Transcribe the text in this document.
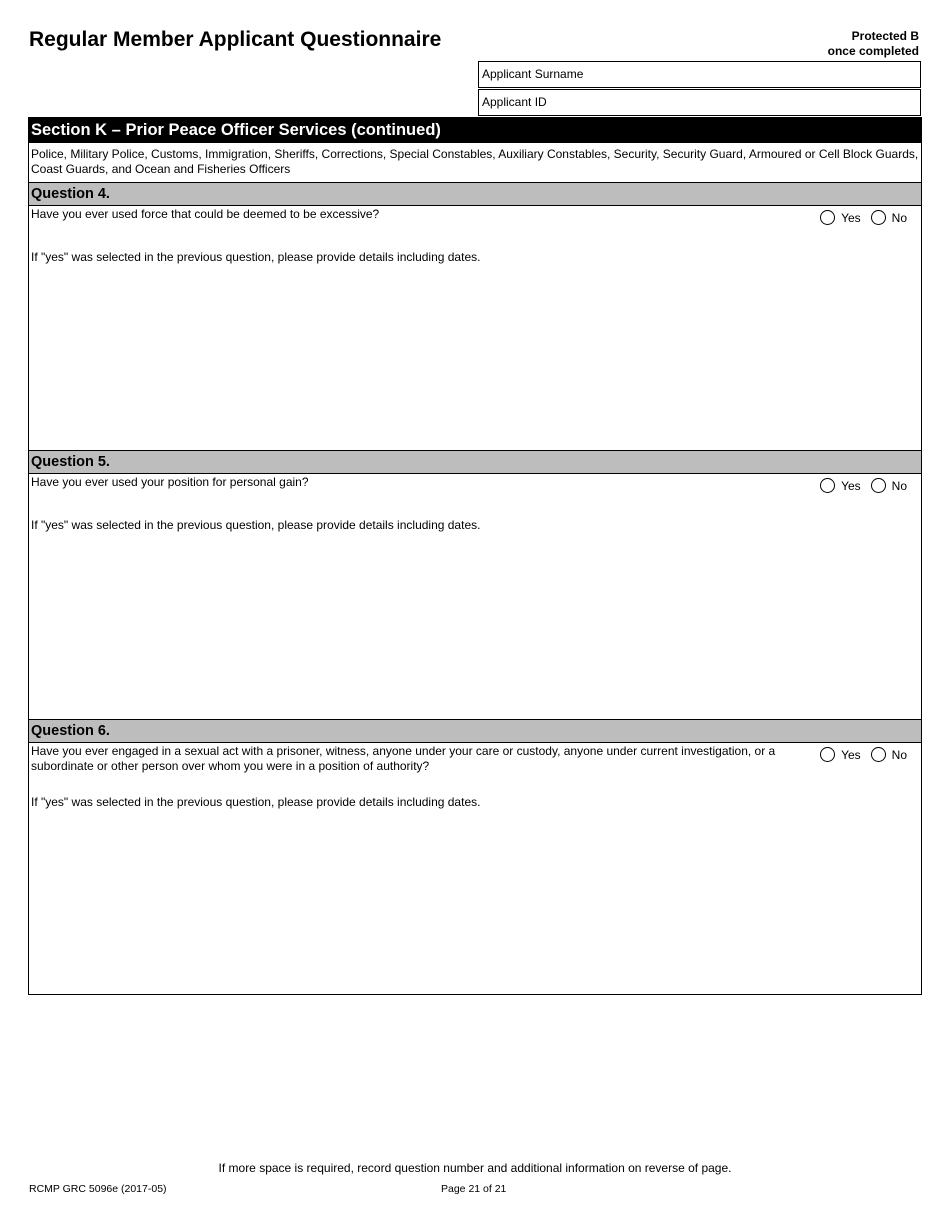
Regular Member Applicant Questionnaire	Protected B
once completed
Applicant Surname
Applicant ID
Section K – Prior Peace Officer Services (continued)
Police, Military Police, Customs, Immigration, Sheriffs, Corrections, Special Constables, Auxiliary Constables, Security, Security Guard, Armoured or Cell Block Guards, Coast Guards, and Ocean and Fisheries Officers
Question 4.
Have you ever used force that could be deemed to be excessive?	Yes	No
If "yes" was selected in the previous question, please provide details including dates.
Question 5.
Have you ever used your position for personal gain?	Yes	No
If "yes" was selected in the previous question, please provide details including dates.
Question 6.
Have you ever engaged in a sexual act with a prisoner, witness, anyone under your care or custody, anyone under current investigation, or a subordinate or other person over whom you were in a position of authority?
Yes	No
If "yes" was selected in the previous question, please provide details including dates.
If more space is required, record question number and additional information on reverse of page.
RCMP GRC 5096e (2017-05)	Page 21 of 21
